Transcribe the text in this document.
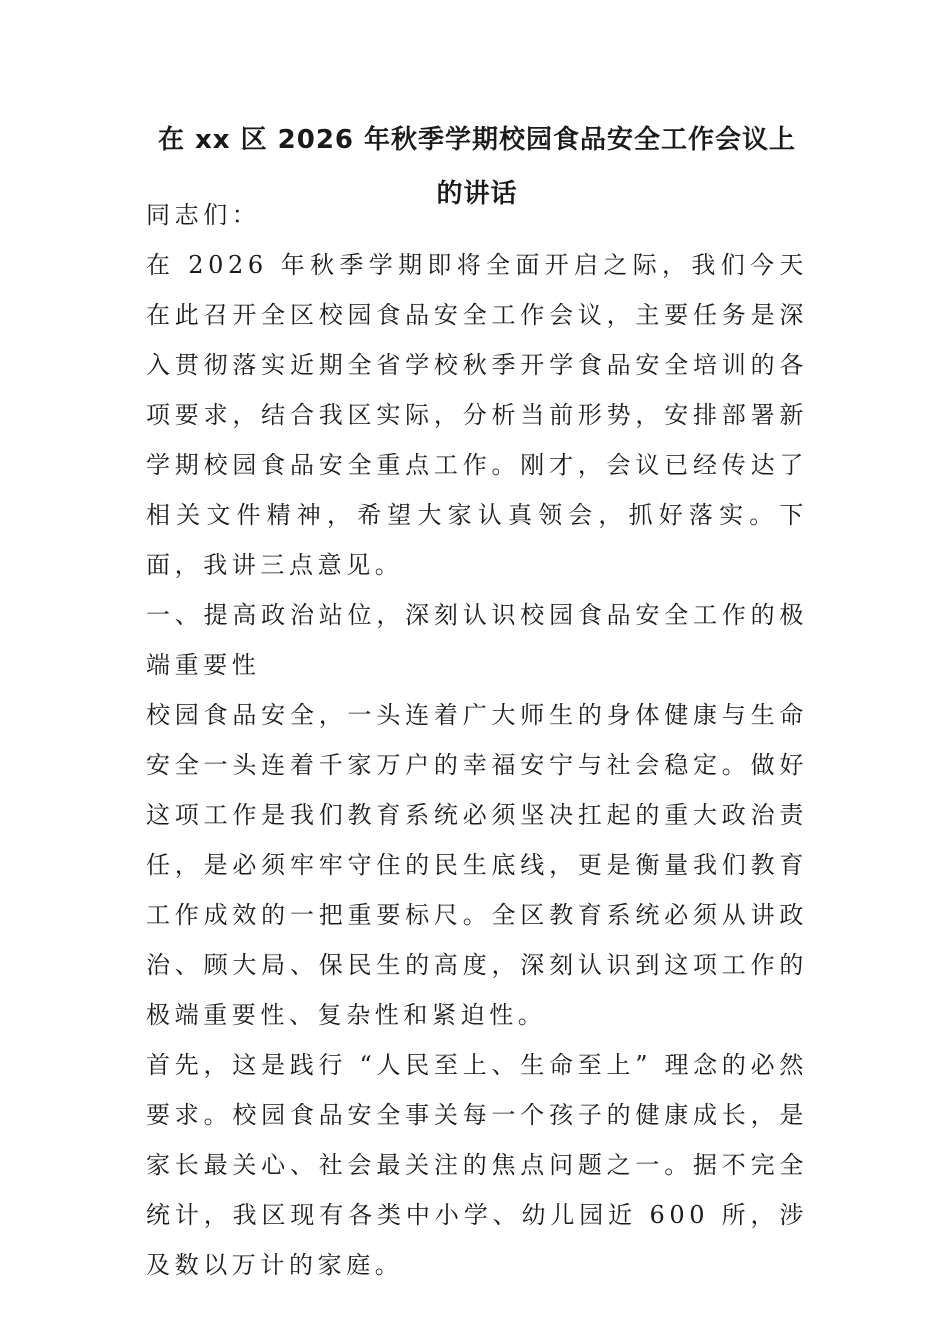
在 xx 区 2026 年秋季学期校园食品安全工作会议上
的讲话

同志们：

在 2026 年秋季学期即将全面开启之际，我们今天在此召开全区校园食品安全工作会议，主要任务是深入贯彻落实近期全省学校秋季开学食品安全培训的各项要求，结合我区实际，分析当前形势，安排部署新学期校园食品安全重点工作。刚才，会议已经传达了相关文件精神，希望大家认真领会，抓好落实。下面，我讲三点意见。

一、提高政治站位，深刻认识校园食品安全工作的极端重要性

校园食品安全，一头连着广大师生的身体健康与生命安全一头连着千家万户的幸福安宁与社会稳定。做好这项工作是我们教育系统必须坚决扛起的重大政治责任，是必须牢牢守住的民生底线，更是衡量我们教育工作成效的一把重要标尺。全区教育系统必须从讲政治、顾大局、保民生的高度，深刻认识到这项工作的极端重要性、复杂性和紧迫性。

首先，这是践行 “人民至上、生命至上” 理念的必然要求。校园食品安全事关每一个孩子的健康成长，是家长最关心、社会最关注的焦点问题之一。据不完全统计，我区现有各类中小学、幼儿园近 600 所，涉及数以万计的家庭。
